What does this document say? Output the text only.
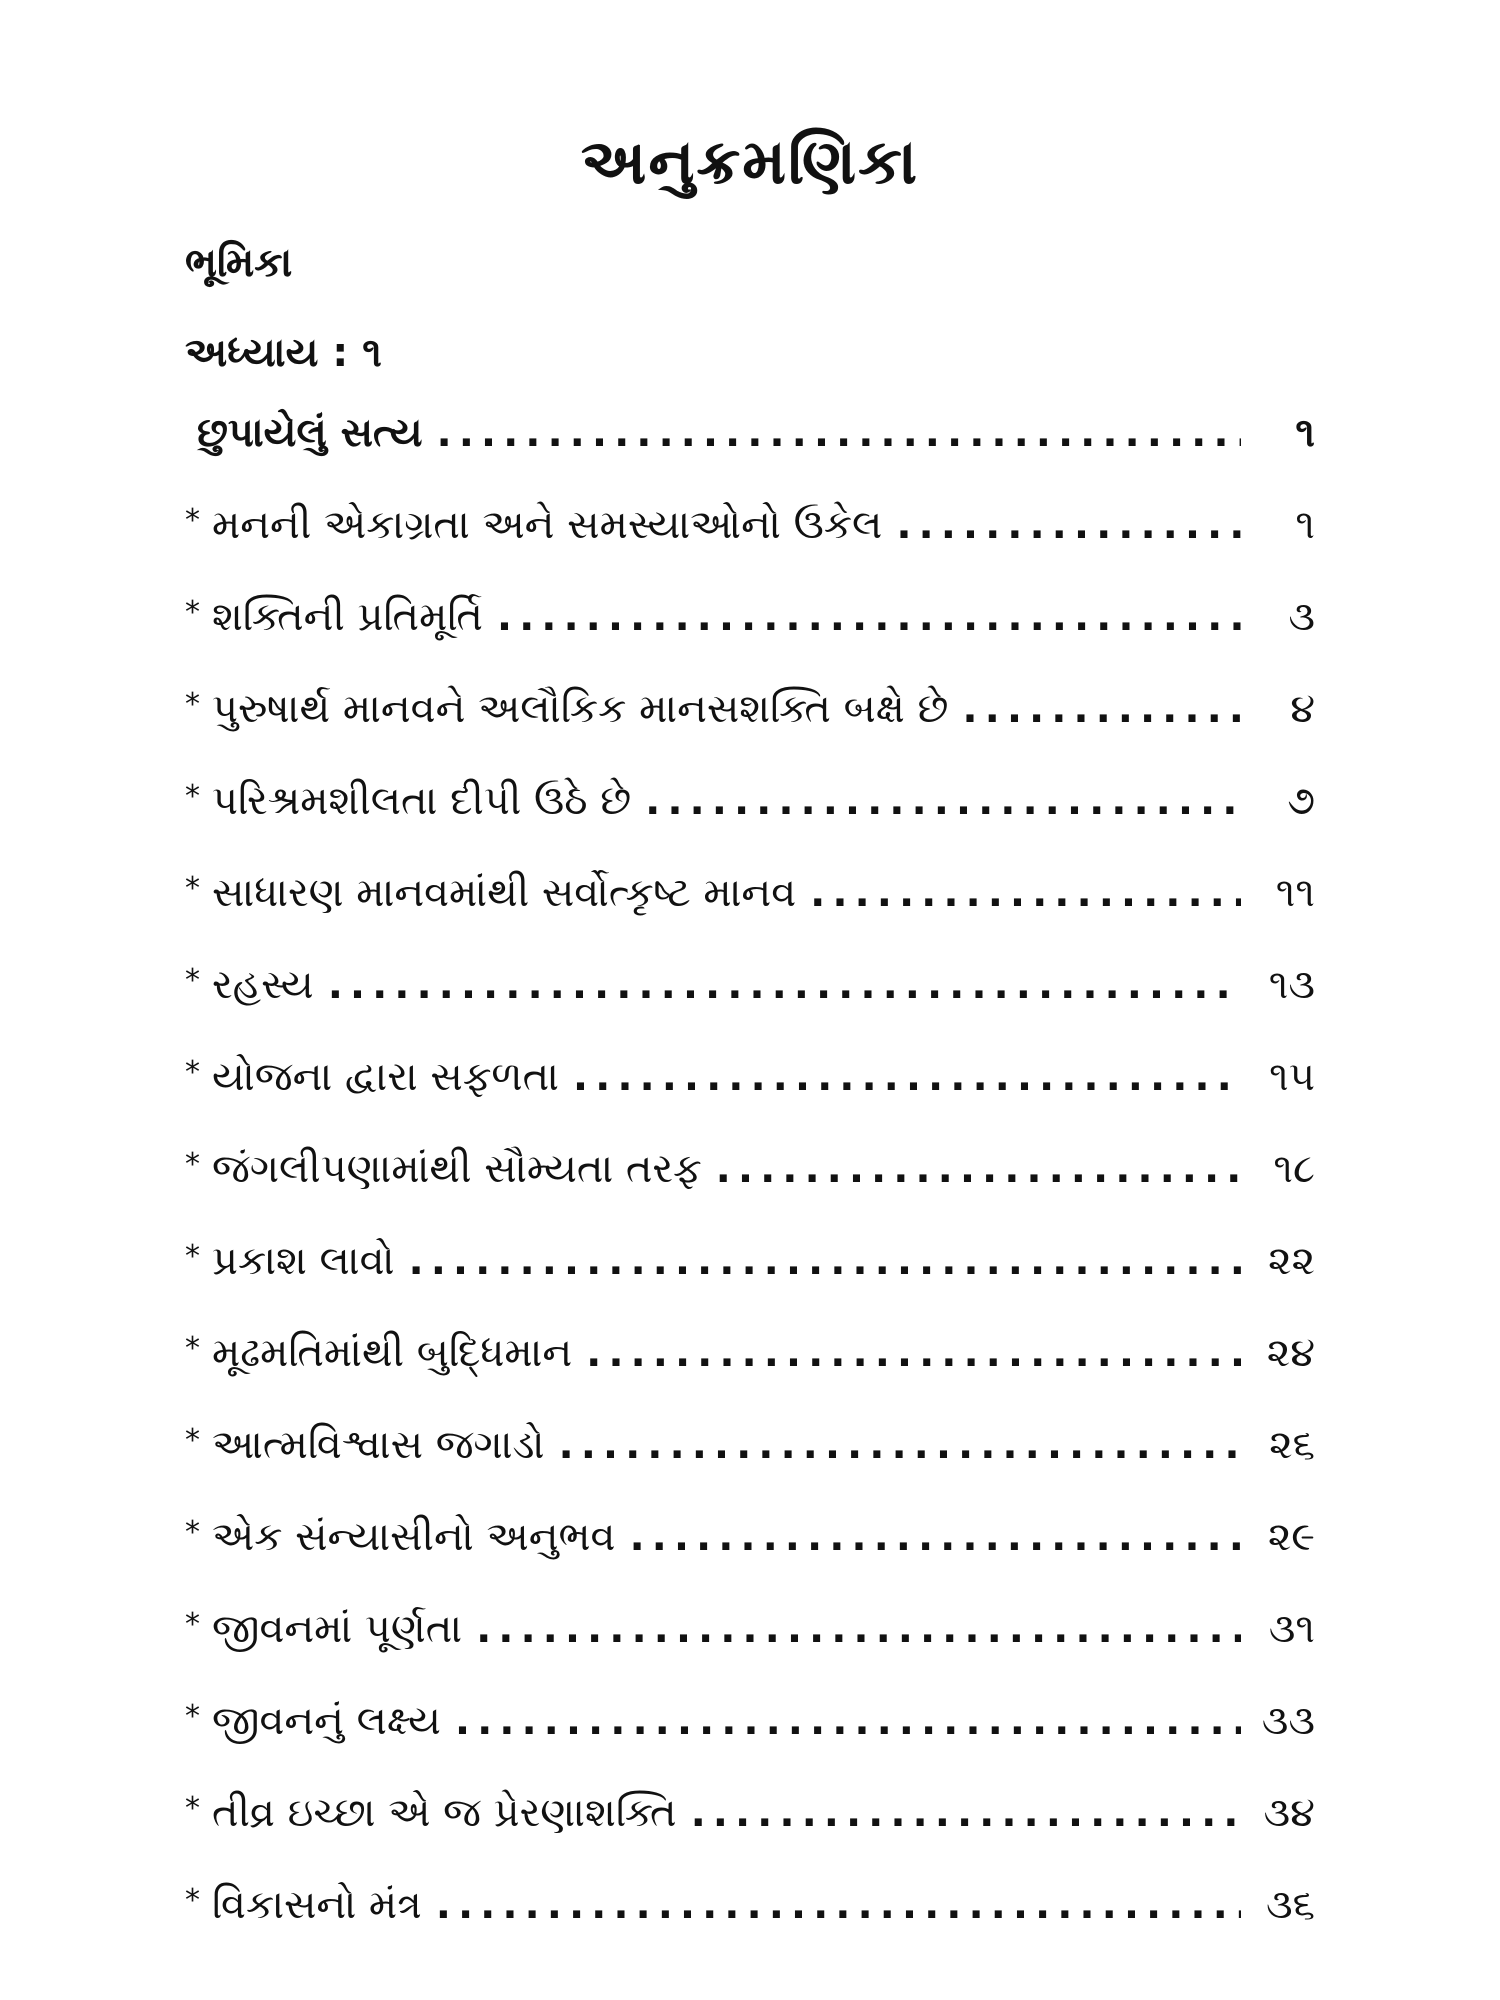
અનુક્રમણિકા
ભૂમિકા
અધ્યાય : ૧
છુપાયેલું સત્ય .....	૧
* મનની એકાગ્રતા અને સમસ્યાઓનો ઉકેલ .....	૧
* શક્તિની પ્રતિમૂર્તિ .....	૩
* પુરુષાર્થ માનવને અલૌકિક માનસશક્તિ બક્ષે છે .....	૪
* પરિશ્રમશીલતા દીપી ઉઠે છે .....	૭
* સાધારણ માનવમાંથી સર્વોત્કૃષ્ટ માનવ .....	૧૧
* રહસ્ય .....	૧૩
* યોજના દ્વારા સફળતા .....	૧૫
* જંગલીપણામાંથી સૌમ્યતા તરફ .....	૧૮
* પ્રકાશ લાવો .....	૨૨
* મૂઢમતિમાંથી બુદ્ધિમાન .....	૨૪
* આત્મવિશ્વાસ જગાડો .....	૨૬
* એક સંન્યાસીનો અનુભવ .....	૨૯
* જીવનમાં પૂર્ણતા .....	૩૧
* જીવનનું લક્ષ્ય .....	૩૩
* તીવ્ર ઇચ્છા એ જ પ્રેરણાશક્તિ .....	૩૪
* વિકાસનો મંત્ર .....	૩૬
